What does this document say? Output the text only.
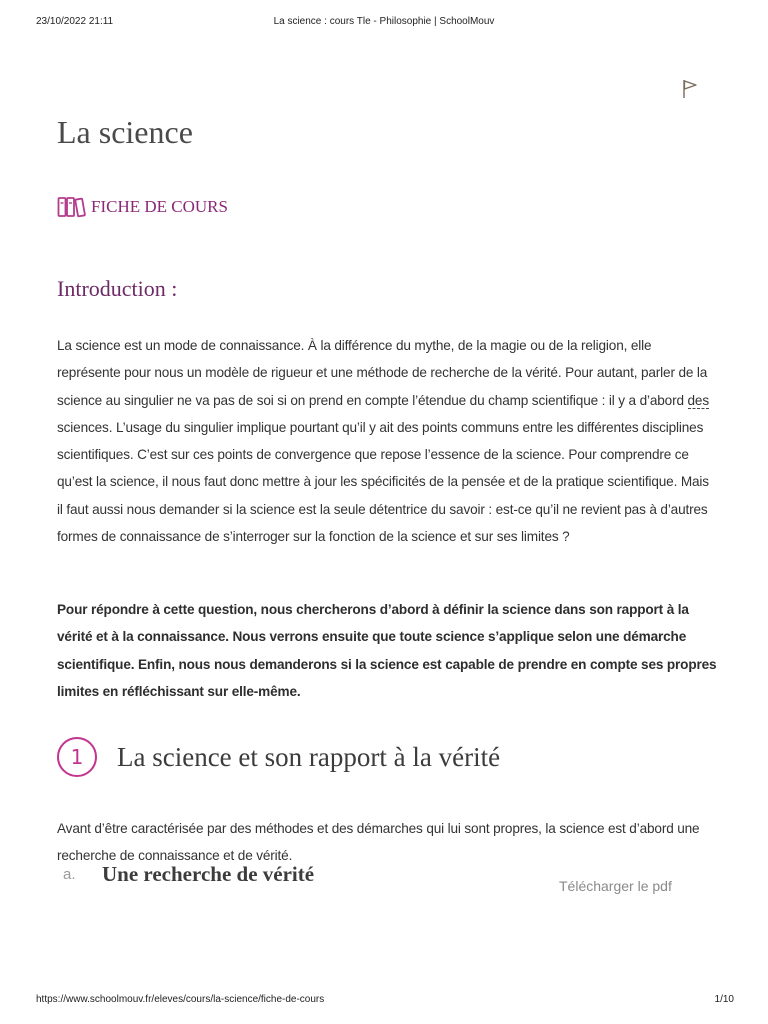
23/10/2022 21:11	La science : cours Tle - Philosophie | SchoolMouv
La science
FICHE DE COURS
Introduction :

La science est un mode de connaissance. À la différence du mythe, de la magie ou de la religion, elle représente pour nous un modèle de rigueur et une méthode de recherche de la vérité. Pour autant, parler de la science au singulier ne va pas de soi si on prend en compte l’étendue du champ scientifique : il y a d’abord des sciences. L’usage du singulier implique pourtant qu’il y ait des points communs entre les différentes disciplines scientifiques. C’est sur ces points de convergence que repose l’essence de la science. Pour comprendre ce qu’est la science, il nous faut donc mettre à jour les spécificités de la pensée et de la pratique scientifique. Mais il faut aussi nous demander si la science est la seule détentrice du savoir : est-ce qu’il ne revient pas à d’autres formes de connaissance de s’interroger sur la fonction de la science et sur ses limites ?

Pour répondre à cette question, nous chercherons d’abord à définir la science dans son rapport à la vérité et à la connaissance. Nous verrons ensuite que toute science s’applique selon une démarche scientifique. Enfin, nous nous demanderons si la science est capable de prendre en compte ses propres limites en réfléchissant sur elle-même.

1	La science et son rapport à la vérité

Avant d’être caractérisée par des méthodes et des démarches qui lui sont propres, la science est d’abord une recherche de connaissance et de vérité.

Télécharger le pdf
a.	Une recherche de vérité
https://www.schoolmouv.fr/eleves/cours/la-science/fiche-de-cours	1/10
